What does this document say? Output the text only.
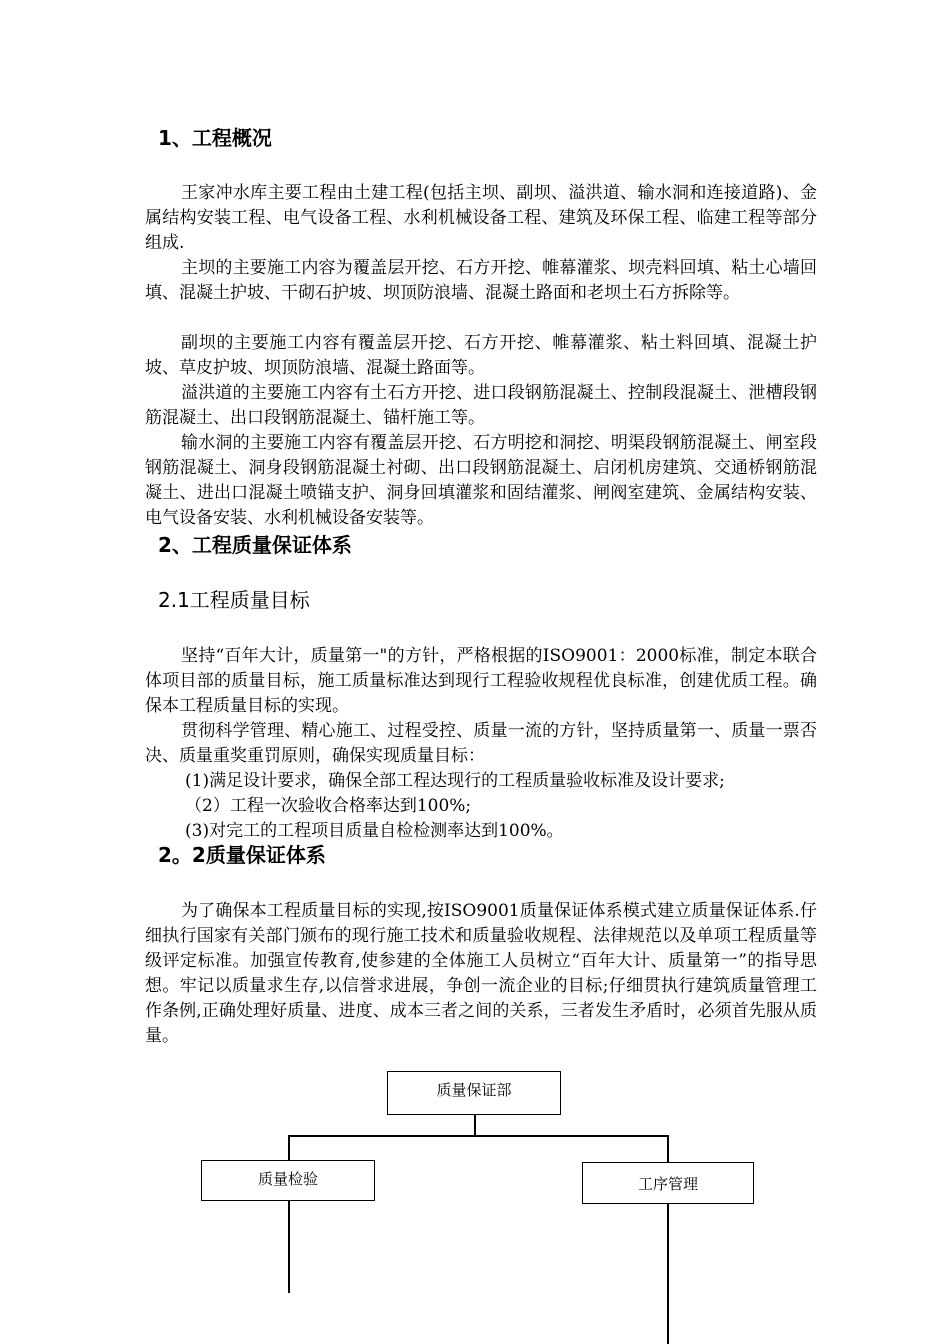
1、工程概况

王家冲水库主要工程由土建工程(包括主坝、副坝、溢洪道、输水洞和连接道路)、金属结构安装工程、电气设备工程、水利机械设备工程、建筑及环保工程、临建工程等部分组成.

主坝的主要施工内容为覆盖层开挖、石方开挖、帷幕灌浆、坝壳料回填、粘土心墙回填、混凝土护坡、干砌石护坡、坝顶防浪墙、混凝土路面和老坝土石方拆除等。

副坝的主要施工内容有覆盖层开挖、石方开挖、帷幕灌浆、粘土料回填、混凝土护坡、草皮护坡、坝顶防浪墙、混凝土路面等。

溢洪道的主要施工内容有土石方开挖、进口段钢筋混凝土、控制段混凝土、泄槽段钢筋混凝土、出口段钢筋混凝土、锚杆施工等。

输水洞的主要施工内容有覆盖层开挖、石方明挖和洞挖、明渠段钢筋混凝土、闸室段钢筋混凝土、洞身段钢筋混凝土衬砌、出口段钢筋混凝土、启闭机房建筑、交通桥钢筋混凝土、进出口混凝土喷锚支护、洞身回填灌浆和固结灌浆、闸阀室建筑、金属结构安装、电气设备安装、水利机械设备安装等。

2、工程质量保证体系
2.1工程质量目标

坚持“百年大计，质量第一"的方针，严格根据的ISO9001：2000标准，制定本联合体项目部的质量目标，施工质量标准达到现行工程验收规程优良标准，创建优质工程。确保本工程质量目标的实现。

贯彻科学管理、精心施工、过程受控、质量一流的方针，坚持质量第一、质量一票否决、质量重奖重罚原则，确保实现质量目标：

(1)满足设计要求，确保全部工程达现行的工程质量验收标准及设计要求;

（2）工程一次验收合格率达到100%;

(3)对完工的工程项目质量自检检测率达到100%。

2。2质量保证体系

为了确保本工程质量目标的实现,按ISO9001质量保证体系模式建立质量保证体系.仔细执行国家有关部门颁布的现行施工技术和质量验收规程、法律规范以及单项工程质量等级评定标准。加强宣传教育,使参建的全体施工人员树立“百年大计、质量第一”的指导思想。牢记以质量求生存,以信誉求进展，争创一流企业的目标;仔细贯执行建筑质量管理工作条例,正确处理好质量、进度、成本三者之间的关系，三者发生矛盾时，必须首先服从质量。

质量保证部
质量检验	工序管理
